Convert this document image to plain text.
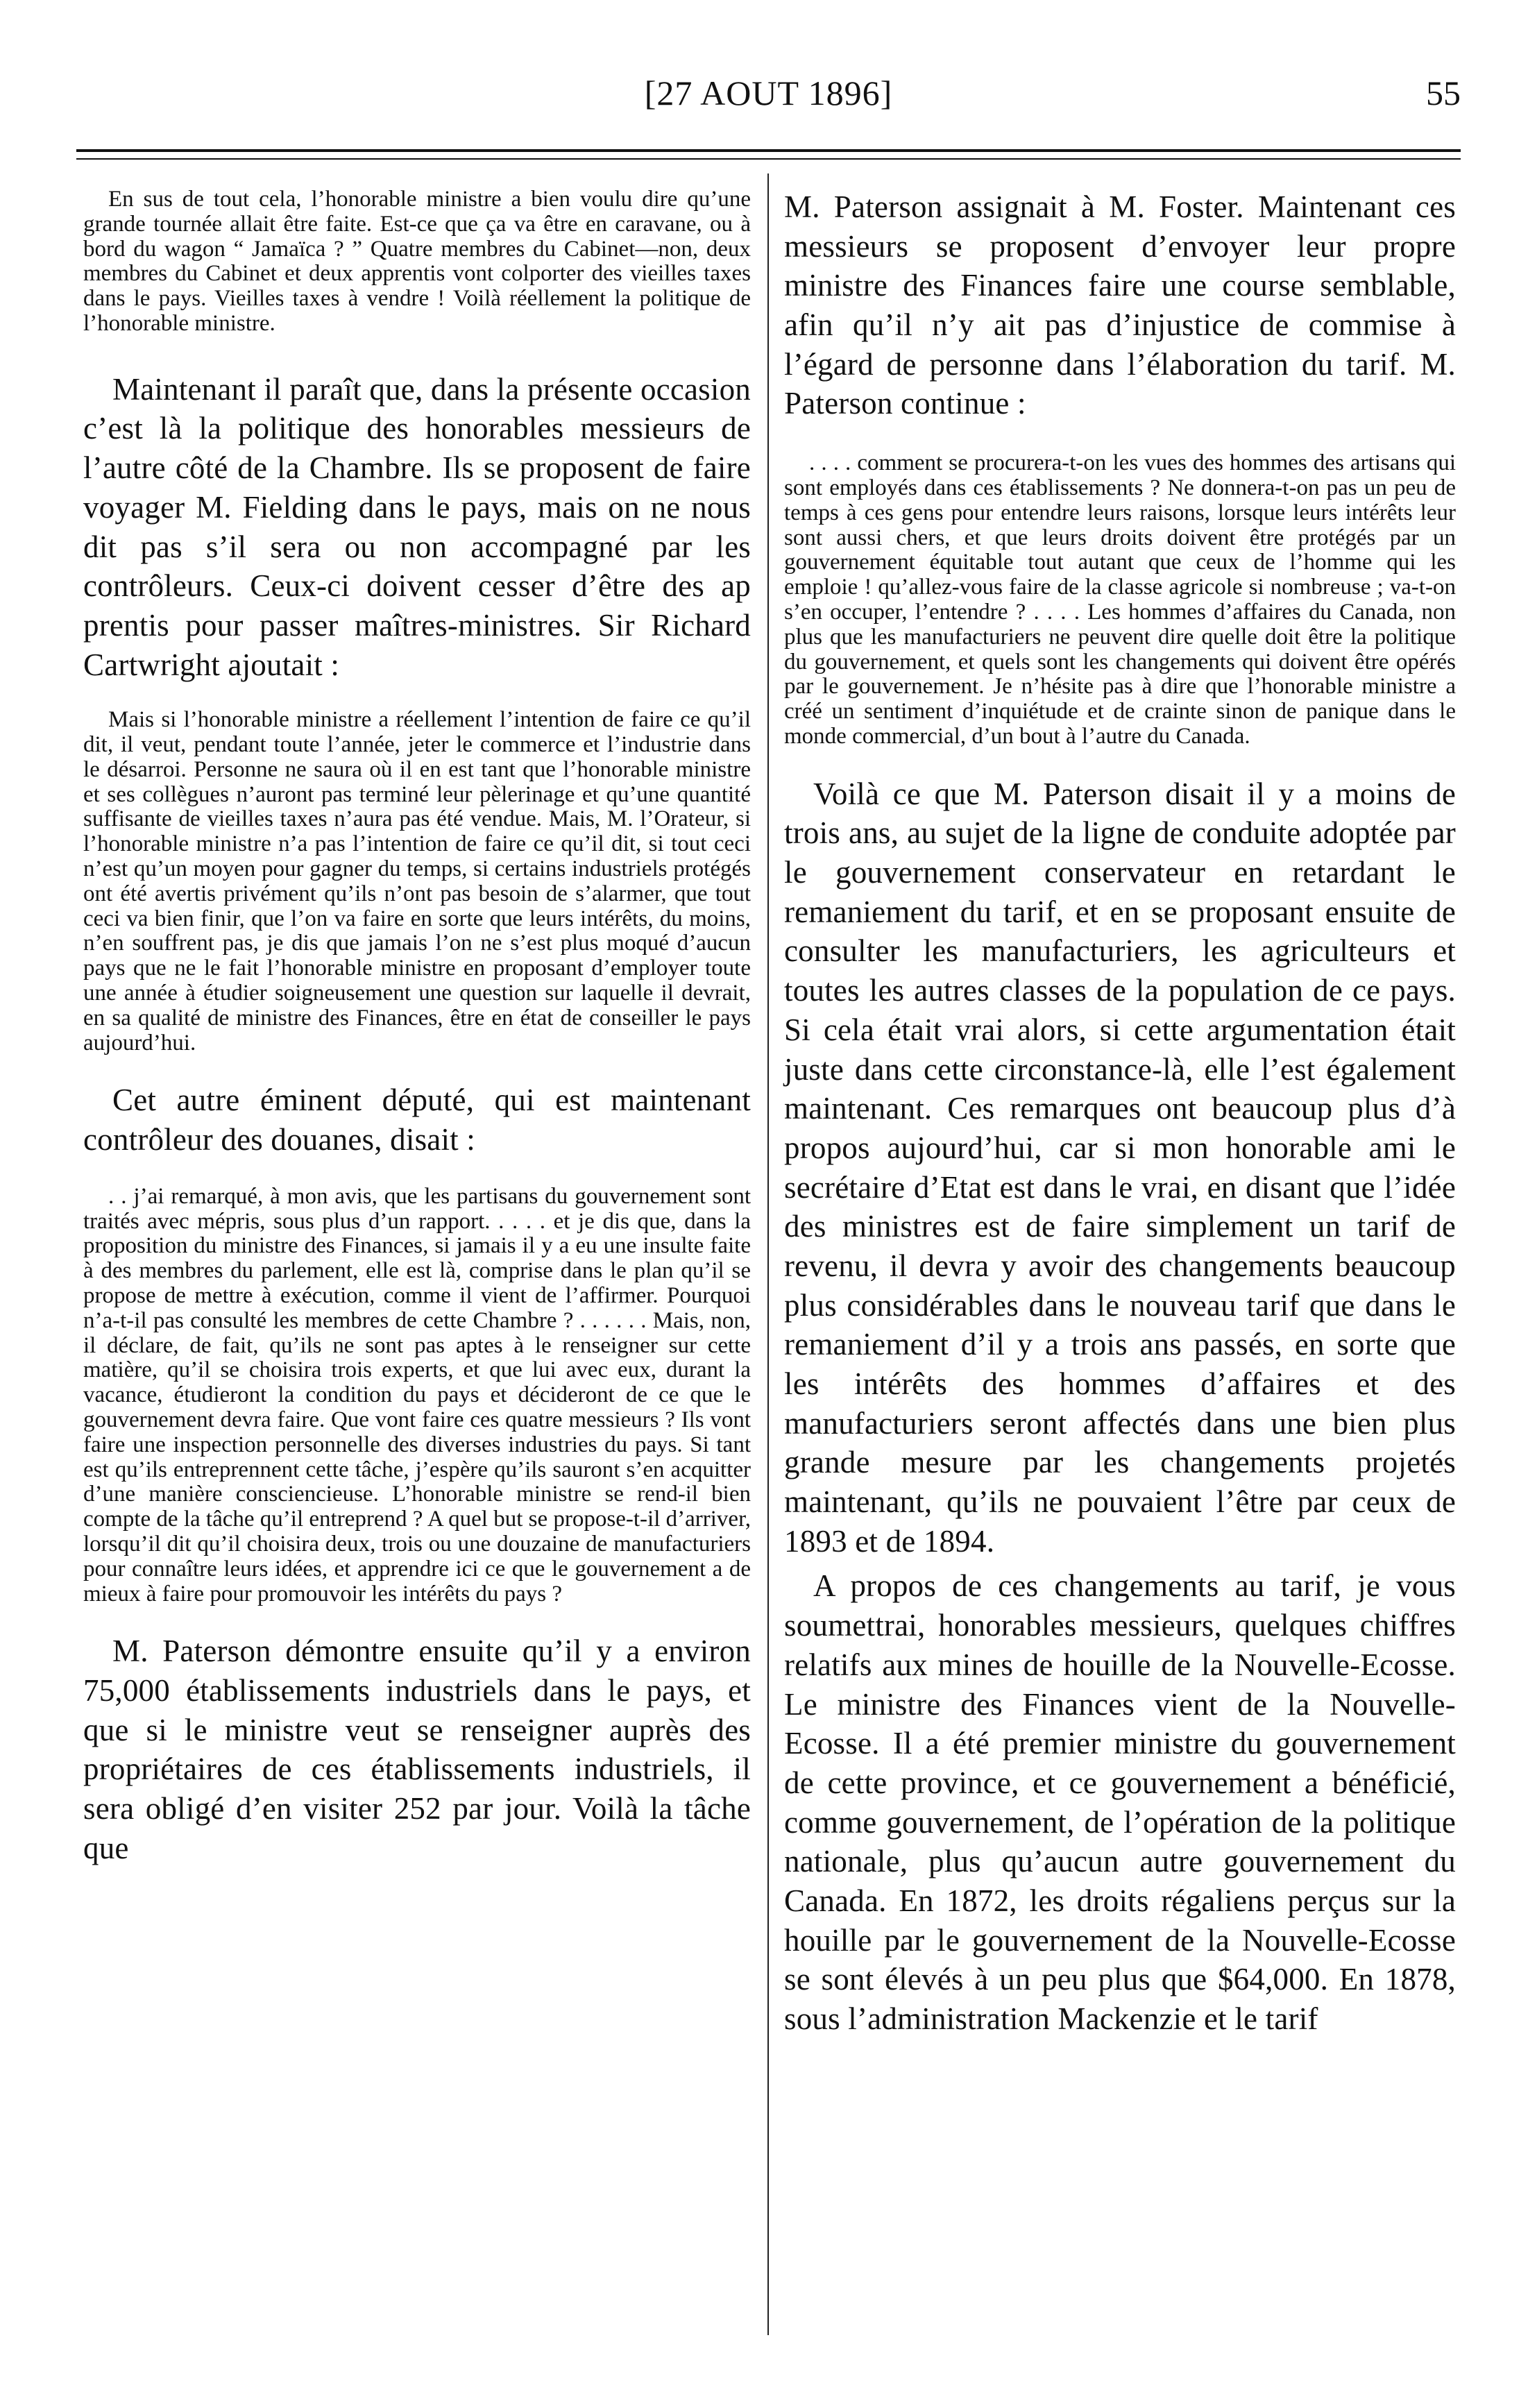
[27 AOUT 1896]	55

En sus de tout cela, l’honorable ministre a bien voulu dire qu’une grande tournée allait être faite. Est-ce que ça va être en caravane, ou à bord du wagon “ Jamaïca ? ” Quatre membres du Cabinet—non, deux membres du Cabinet et deux apprentis vont colporter des vieilles taxes dans le pays. Vieilles taxes à vendre ! Voilà réellement la politique de l’honorable ministre.

Maintenant il paraît que, dans la présente occasion c’est là la politique des honorables messieurs de l’autre côté de la Chambre. Ils se proposent de faire voyager M. Fielding dans le pays, mais on ne nous dit pas s’il sera ou non accompagné par les contrôleurs. Ceux-ci doivent cesser d’être des ap prentis pour passer maîtres-ministres. Sir Richard Cartwright ajoutait :

Mais si l’honorable ministre a réellement l’intention de faire ce qu’il dit, il veut, pendant toute l’année, jeter le commerce et l’industrie dans le désarroi. Personne ne saura où il en est tant que l’honorable ministre et ses collègues n’auront pas terminé leur pèlerinage et qu’une quantité suffisante de vieilles taxes n’aura pas été vendue. Mais, M. l’Orateur, si l’honorable ministre n’a pas l’intention de faire ce qu’il dit, si tout ceci n’est qu’un moyen pour gagner du temps, si certains industriels protégés ont été avertis privément qu’ils n’ont pas besoin de s’alarmer, que tout ceci va bien finir, que l’on va faire en sorte que leurs intérêts, du moins, n’en souffrent pas, je dis que jamais l’on ne s’est plus moqué d’aucun pays que ne le fait l’honorable ministre en proposant d’employer toute une année à étudier soigneusement une question sur laquelle il devrait, en sa qualité de ministre des Finances, être en état de conseiller le pays aujourd’hui.

Cet autre éminent député, qui est maintenant contrôleur des douanes, disait :

. . j’ai remarqué, à mon avis, que les partisans du gouvernement sont traités avec mépris, sous plus d’un rapport. . . . . et je dis que, dans la proposition du ministre des Finances, si jamais il y a eu une insulte faite à des membres du parlement, elle est là, comprise dans le plan qu’il se propose de mettre à exécution, comme il vient de l’affirmer. Pourquoi n’a-t-il pas consulté les membres de cette Chambre ? . . . . . . Mais, non, il déclare, de fait, qu’ils ne sont pas aptes à le renseigner sur cette matière, qu’il se choisira trois experts, et que lui avec eux, durant la vacance, étudieront la condition du pays et décideront de ce que le gouvernement devra faire. Que vont faire ces quatre messieurs ? Ils vont faire une inspection personnelle des diverses industries du pays. Si tant est qu’ils entreprennent cette tâche, j’espère qu’ils sauront s’en acquitter d’une manière consciencieuse. L’honorable ministre se rend-il bien compte de la tâche qu’il entreprend ? A quel but se propose-t-il d’arriver, lorsqu’il dit qu’il choisira deux, trois ou une douzaine de manufacturiers pour connaître leurs idées, et apprendre ici ce que le gouvernement a de mieux à faire pour promouvoir les intérêts du pays ?

M. Paterson démontre ensuite qu’il y a environ 75,000 établissements industriels dans le pays, et que si le ministre veut se renseigner auprès des propriétaires de ces établissements industriels, il sera obligé d’en visiter 252 par jour. Voilà la tâche que

M. Paterson assignait à M. Foster. Maintenant ces messieurs se proposent d’envoyer leur propre ministre des Finances faire une course semblable, afin qu’il n’y ait pas d’injustice de commise à l’égard de personne dans l’élaboration du tarif. M. Paterson continue :

. . . . comment se procurera-t-on les vues des hommes des artisans qui sont employés dans ces établissements ? Ne donnera-t-on pas un peu de temps à ces gens pour entendre leurs raisons, lorsque leurs intérêts leur sont aussi chers, et que leurs droits doivent être protégés par un gouvernement équitable tout autant que ceux de l’homme qui les emploie ! qu’allez-vous faire de la classe agricole si nombreuse ; va-t-on s’en occuper, l’entendre ? . . . . Les hommes d’affaires du Canada, non plus que les manufacturiers ne peuvent dire quelle doit être la politique du gouvernement, et quels sont les changements qui doivent être opérés par le gouvernement. Je n’hésite pas à dire que l’honorable ministre a créé un sentiment d’inquiétude et de crainte sinon de panique dans le monde commercial, d’un bout à l’autre du Canada.

Voilà ce que M. Paterson disait il y a moins de trois ans, au sujet de la ligne de conduite adoptée par le gouvernement conservateur en retardant le remaniement du tarif, et en se proposant ensuite de consulter les manufacturiers, les agriculteurs et toutes les autres classes de la population de ce pays. Si cela était vrai alors, si cette argumentation était juste dans cette circonstance-là, elle l’est également maintenant. Ces remarques ont beaucoup plus d’à propos aujourd’hui, car si mon honorable ami le secrétaire d’Etat est dans le vrai, en disant que l’idée des ministres est de faire simplement un tarif de revenu, il devra y avoir des changements beaucoup plus considérables dans le nouveau tarif que dans le remaniement d’il y a trois ans passés, en sorte que les intérêts des hommes d’affaires et des manufacturiers seront affectés dans une bien plus grande mesure par les changements projetés maintenant, qu’ils ne pouvaient l’être par ceux de 1893 et de 1894.

A propos de ces changements au tarif, je vous soumettrai, honorables messieurs, quelques chiffres relatifs aux mines de houille de la Nouvelle-Ecosse. Le ministre des Finances vient de la Nouvelle-Ecosse. Il a été premier ministre du gouvernement de cette province, et ce gouvernement a bénéficié, comme gouvernement, de l’opération de la politique nationale, plus qu’aucun autre gouvernement du Canada. En 1872, les droits régaliens perçus sur la houille par le gouvernement de la Nouvelle-Ecosse se sont élevés à un peu plus que $64,000. En 1878, sous l’administration Mackenzie et le tarif
